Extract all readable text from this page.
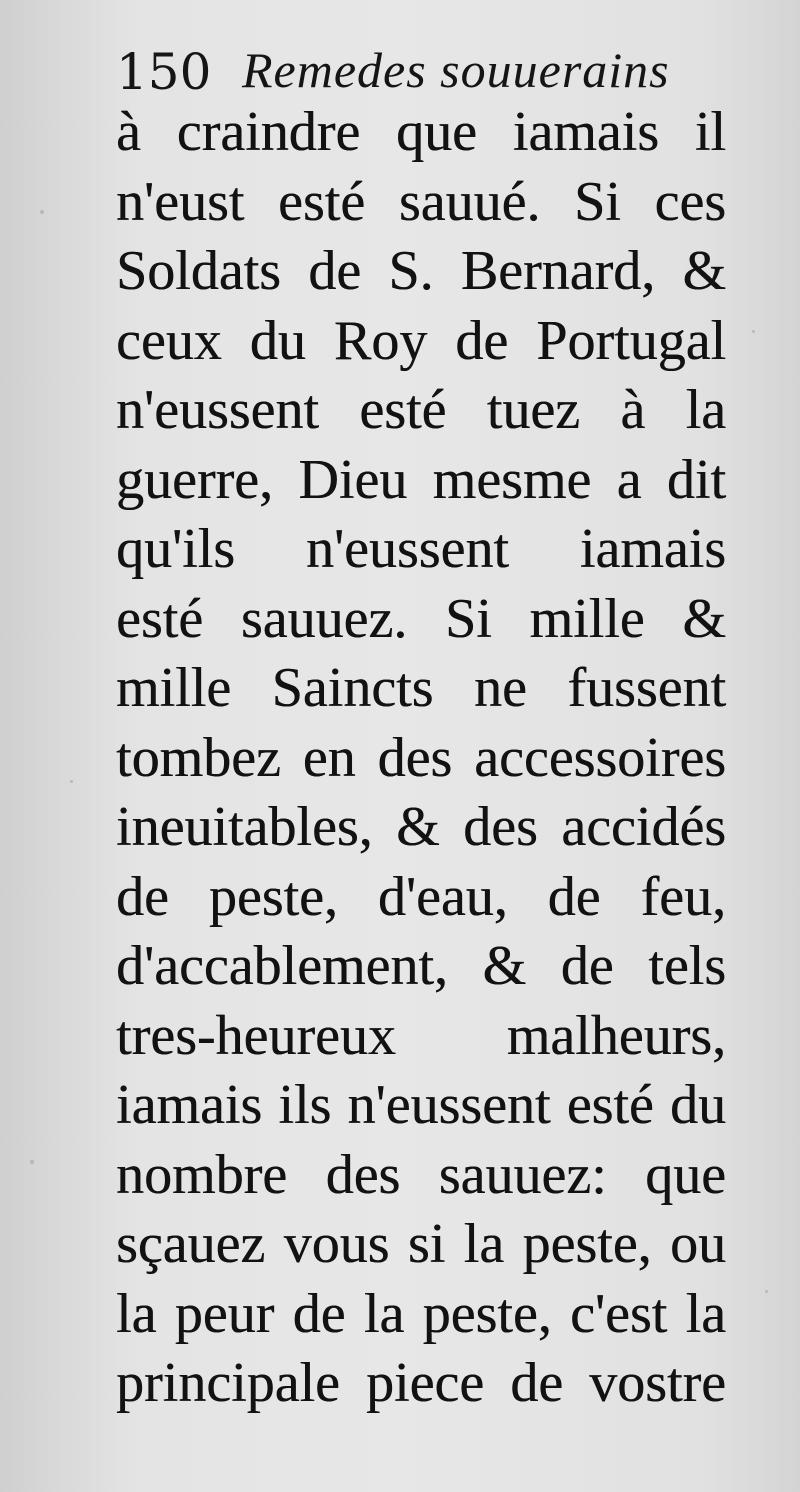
150 Remedes souuerains
à craindre que iamais il
n'eust esté sauué. Si ces
Soldats de S. Bernard, &
ceux du Roy de Portugal
n'eussent esté tuez à la
guerre, Dieu mesme a dit
qu'ils n'eussent iamais
esté sauuez. Si mille &
mille Saincts ne fussent
tombez en des accessoires
ineuitables, & des accidés
de peste, d'eau, de feu,
d'accablement, & de tels
tres-heureux malheurs,
iamais ils n'eussent esté du
nombre des sauuez: que
sçauez vous si la peste, ou
la peur de la peste, c'est la
principale piece de vostre
